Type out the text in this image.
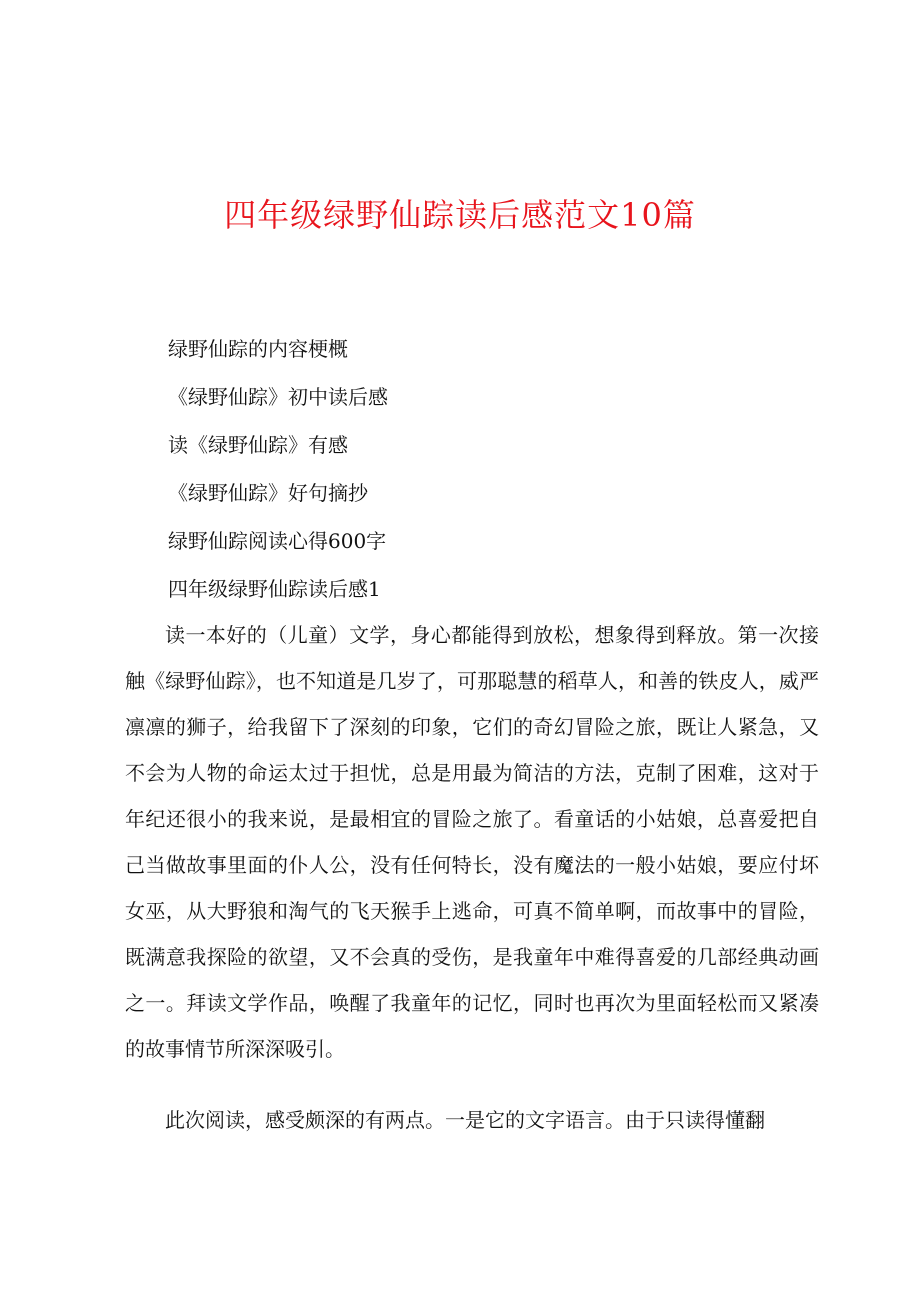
四年级绿野仙踪读后感范文10篇
绿野仙踪的内容梗概
《绿野仙踪》初中读后感
读《绿野仙踪》有感
《绿野仙踪》好句摘抄
绿野仙踪阅读心得600字
四年级绿野仙踪读后感1

读一本好的（儿童）文学，身心都能得到放松，想象得到释放。第一次接触《绿野仙踪》，也不知道是几岁了，可那聪慧的稻草人，和善的铁皮人，威严凛凛的狮子，给我留下了深刻的印象，它们的奇幻冒险之旅，既让人紧急，又不会为人物的命运太过于担忧，总是用最为简洁的方法，克制了困难，这对于年纪还很小的我来说，是最相宜的冒险之旅了。看童话的小姑娘，总喜爱把自己当做故事里面的仆人公，没有任何特长，没有魔法的一般小姑娘，要应付坏女巫，从大野狼和淘气的飞天猴手上逃命，可真不简单啊，而故事中的冒险，既满意我探险的欲望，又不会真的受伤，是我童年中难得喜爱的几部经典动画之一。拜读文学作品，唤醒了我童年的记忆，同时也再次为里面轻松而又紧凑的故事情节所深深吸引。

此次阅读，感受颇深的有两点。一是它的文字语言。由于只读得懂翻
